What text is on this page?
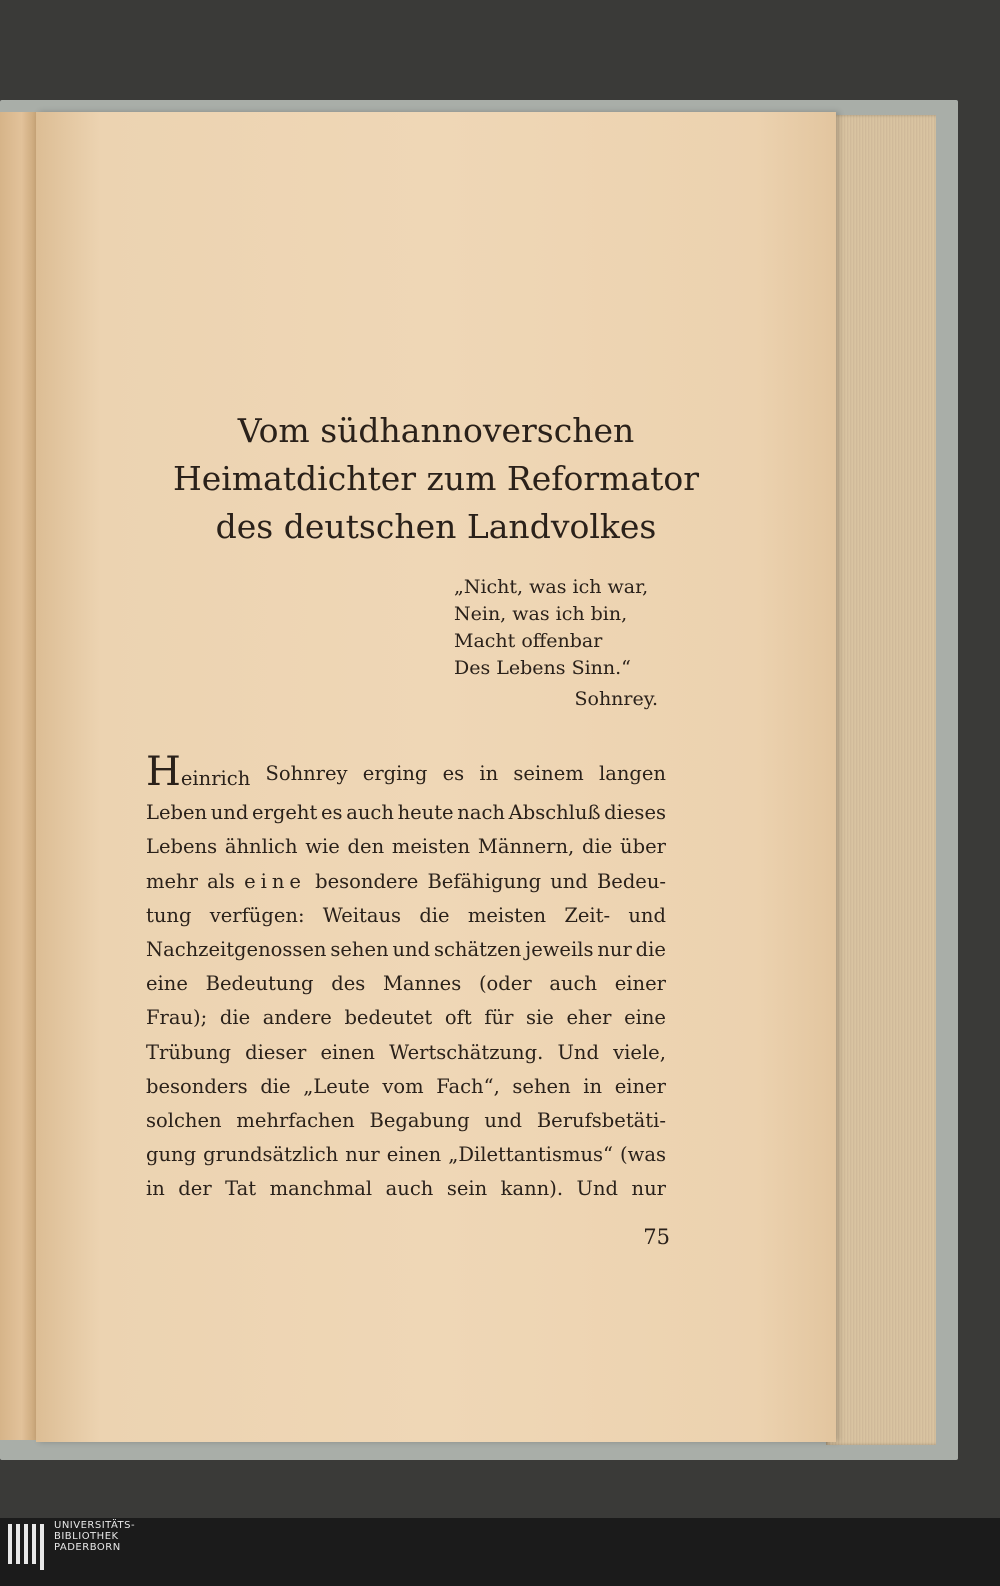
Vom südhannoverschen
Heimatdichter zum Reformator
des deutschen Landvolkes
„Nicht, was ich war,
Nein, was ich bin,
Macht offenbar
Des Lebens Sinn.“
Sohnrey.
Heinrich Sohnrey erging es in seinem langen
Leben und ergeht es auch heute nach Abschluß dieses
Lebens ähnlich wie den meisten Männern, die über
mehr als eine besondere Befähigung und Bedeu-
tung verfügen: Weitaus die meisten Zeit- und
Nachzeitgenossen sehen und schätzen jeweils nur die
eine Bedeutung des Mannes (oder auch einer
Frau); die andere bedeutet oft für sie eher eine
Trübung dieser einen Wertschätzung. Und viele,
besonders die „Leute vom Fach“, sehen in einer
solchen mehrfachen Begabung und Berufsbetäti-
gung grundsätzlich nur einen „Dilettantismus“ (was
in der Tat manchmal auch sein kann). Und nur
75
UNIVERSITÄTS-
BIBLIOTHEK
PADERBORN
